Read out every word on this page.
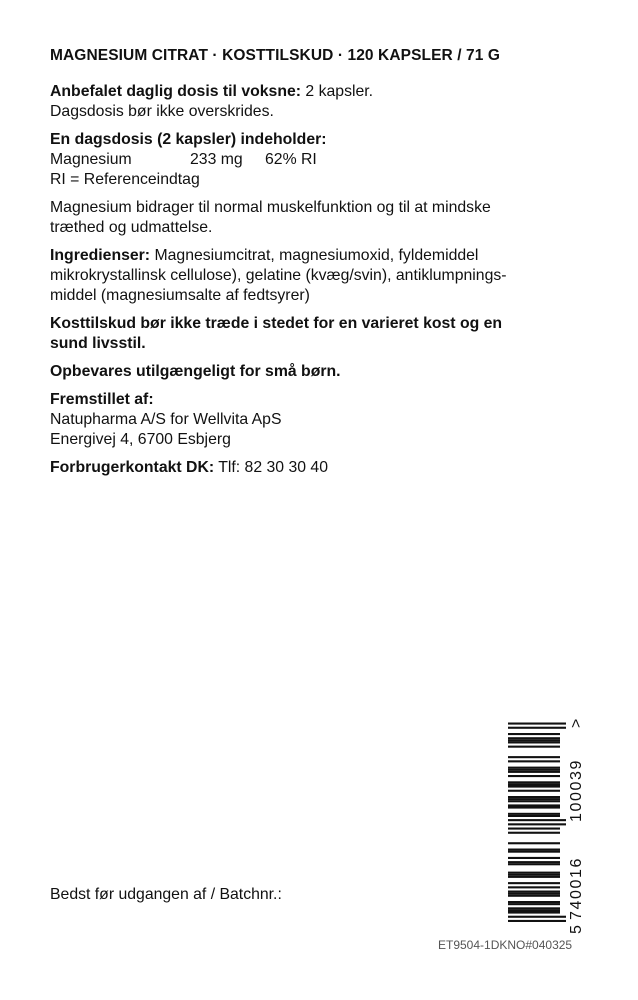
MAGNESIUM CITRAT · KOSTTILSKUD · 120 KAPSLER / 71 G
Anbefalet daglig dosis til voksne: 2 kapsler.
Dagsdosis bør ikke overskrides.
En dagsdosis (2 kapsler) indeholder:
Magnesium	233 mg	62% RI
RI = Referenceindtag
Magnesium bidrager til normal muskelfunktion og til at mindske
træthed og udmattelse.
Ingredienser: Magnesiumcitrat, magnesiumoxid, fyldemiddel
mikrokrystallinsk cellulose), gelatine (kvæg/svin), antiklumpnings-
middel (magnesiumsalte af fedtsyrer)
Kosttilskud bør ikke træde i stedet for en varieret kost og en
sund livsstil.
Opbevares utilgængeligt for små børn.
Fremstillet af:
Natupharma A/S for Wellvita ApS
Energivej 4, 6700 Esbjerg
Forbrugerkontakt DK: Tlf: 82 30 30 40
Bedst før udgangen af / Batchnr.:
5
740016
100039
>
ET9504-1DKNO#040325
